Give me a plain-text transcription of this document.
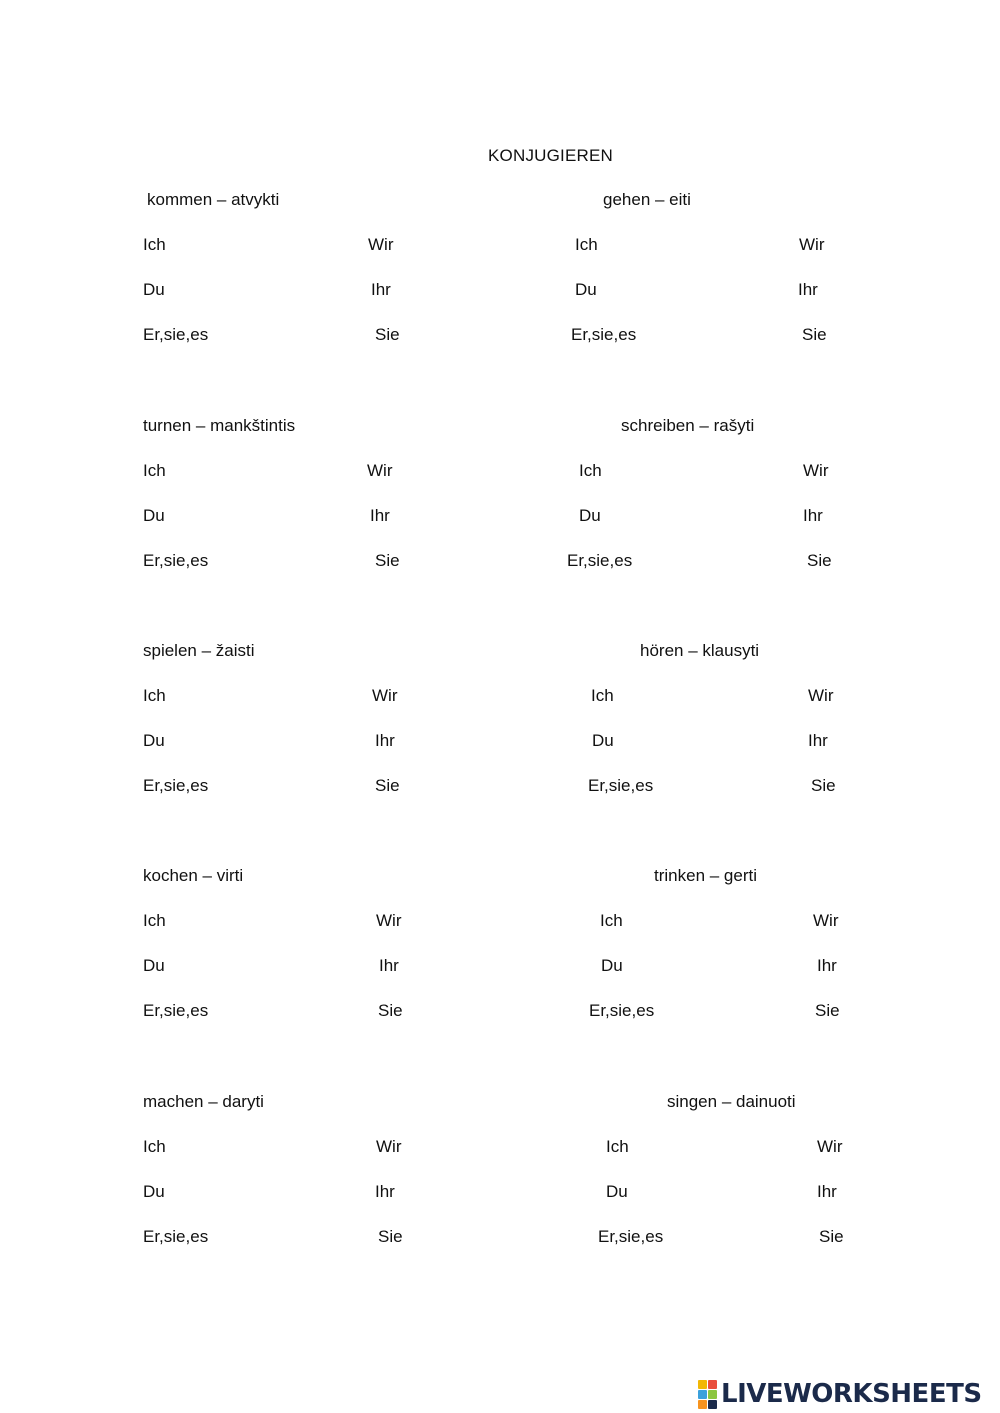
KONJUGIEREN
kommen – atvykti
Ich	Wir
Du	Ihr
Er,sie,es	Sie
gehen – eiti
Ich	Wir
Du	Ihr
Er,sie,es	Sie
turnen – mankštintis
Ich	Wir
Du	Ihr
Er,sie,es	Sie
schreiben – rašyti
Ich	Wir
Du	Ihr
Er,sie,es	Sie
spielen – žaisti
Ich	Wir
Du	Ihr
Er,sie,es	Sie
hören – klausyti
Ich	Wir
Du	Ihr
Er,sie,es	Sie
kochen – virti
Ich	Wir
Du	Ihr
Er,sie,es	Sie
trinken – gerti
Ich	Wir
Du	Ihr
Er,sie,es	Sie
machen – daryti
Ich	Wir
Du	Ihr
Er,sie,es	Sie
singen – dainuoti
Ich	Wir
Du	Ihr
Er,sie,es	Sie
LIVEWORKSHEETS
